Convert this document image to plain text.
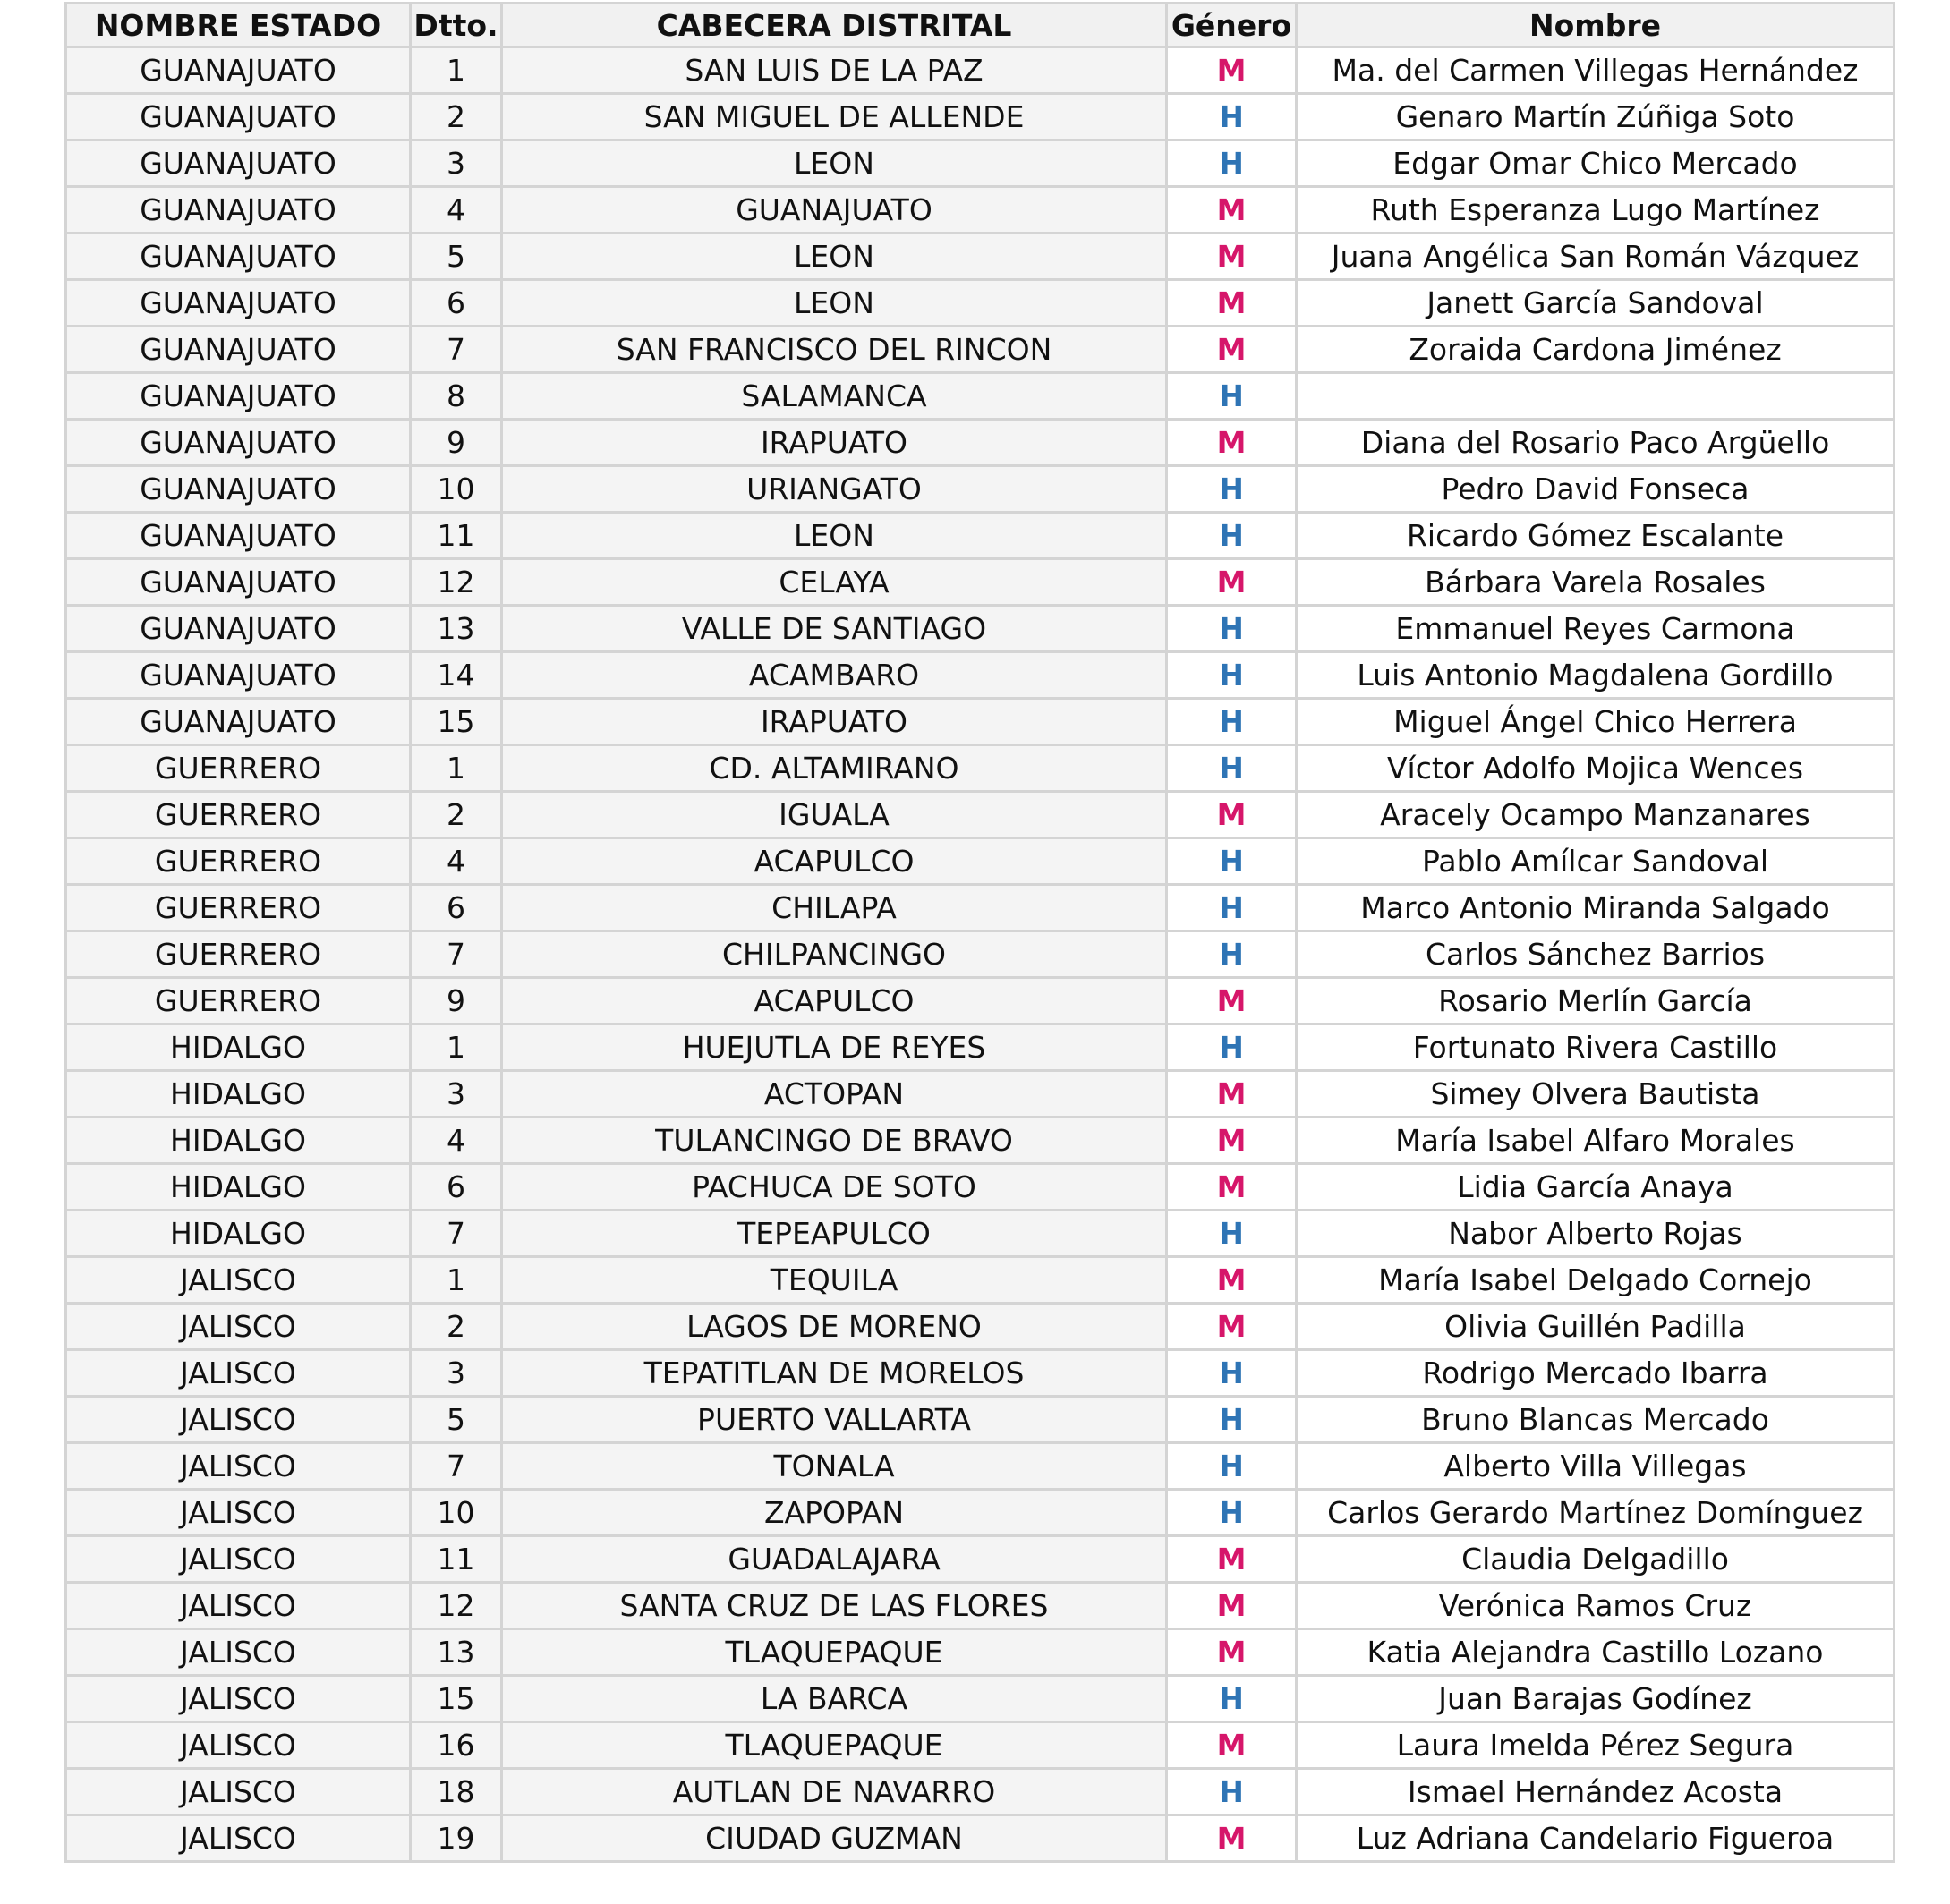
NOMBRE ESTADO	Dtto.	CABECERA DISTRITAL	Género	Nombre
GUANAJUATO	1	SAN LUIS DE LA PAZ	M	Ma. del Carmen Villegas Hernández
GUANAJUATO	2	SAN MIGUEL DE ALLENDE	H	Genaro Martín Zúñiga Soto
GUANAJUATO	3	LEON	H	Edgar Omar Chico Mercado
GUANAJUATO	4	GUANAJUATO	M	Ruth Esperanza Lugo Martínez
GUANAJUATO	5	LEON	M	Juana Angélica San Román Vázquez
GUANAJUATO	6	LEON	M	Janett García Sandoval
GUANAJUATO	7	SAN FRANCISCO DEL RINCON	M	Zoraida Cardona Jiménez
GUANAJUATO	8	SALAMANCA	H	
GUANAJUATO	9	IRAPUATO	M	Diana del Rosario Paco Argüello
GUANAJUATO	10	URIANGATO	H	Pedro David Fonseca
GUANAJUATO	11	LEON	H	Ricardo Gómez Escalante
GUANAJUATO	12	CELAYA	M	Bárbara Varela Rosales
GUANAJUATO	13	VALLE DE SANTIAGO	H	Emmanuel Reyes Carmona
GUANAJUATO	14	ACAMBARO	H	Luis Antonio Magdalena Gordillo
GUANAJUATO	15	IRAPUATO	H	Miguel Ángel Chico Herrera
GUERRERO	1	CD. ALTAMIRANO	H	Víctor Adolfo Mojica Wences
GUERRERO	2	IGUALA	M	Aracely Ocampo Manzanares
GUERRERO	4	ACAPULCO	H	Pablo Amílcar Sandoval
GUERRERO	6	CHILAPA	H	Marco Antonio Miranda Salgado
GUERRERO	7	CHILPANCINGO	H	Carlos Sánchez Barrios
GUERRERO	9	ACAPULCO	M	Rosario Merlín García
HIDALGO	1	HUEJUTLA DE REYES	H	Fortunato Rivera Castillo
HIDALGO	3	ACTOPAN	M	Simey Olvera Bautista
HIDALGO	4	TULANCINGO DE BRAVO	M	María Isabel Alfaro Morales
HIDALGO	6	PACHUCA DE SOTO	M	Lidia García Anaya
HIDALGO	7	TEPEAPULCO	H	Nabor Alberto Rojas
JALISCO	1	TEQUILA	M	María Isabel Delgado Cornejo
JALISCO	2	LAGOS DE MORENO	M	Olivia Guillén Padilla
JALISCO	3	TEPATITLAN DE MORELOS	H	Rodrigo Mercado Ibarra
JALISCO	5	PUERTO VALLARTA	H	Bruno Blancas Mercado
JALISCO	7	TONALA	H	Alberto Villa Villegas
JALISCO	10	ZAPOPAN	H	Carlos Gerardo Martínez Domínguez
JALISCO	11	GUADALAJARA	M	Claudia Delgadillo
JALISCO	12	SANTA CRUZ DE LAS FLORES	M	Verónica Ramos Cruz
JALISCO	13	TLAQUEPAQUE	M	Katia Alejandra Castillo Lozano
JALISCO	15	LA BARCA	H	Juan Barajas Godínez
JALISCO	16	TLAQUEPAQUE	M	Laura Imelda Pérez Segura
JALISCO	18	AUTLAN DE NAVARRO	H	Ismael Hernández Acosta
JALISCO	19	CIUDAD GUZMAN	M	Luz Adriana Candelario Figueroa
